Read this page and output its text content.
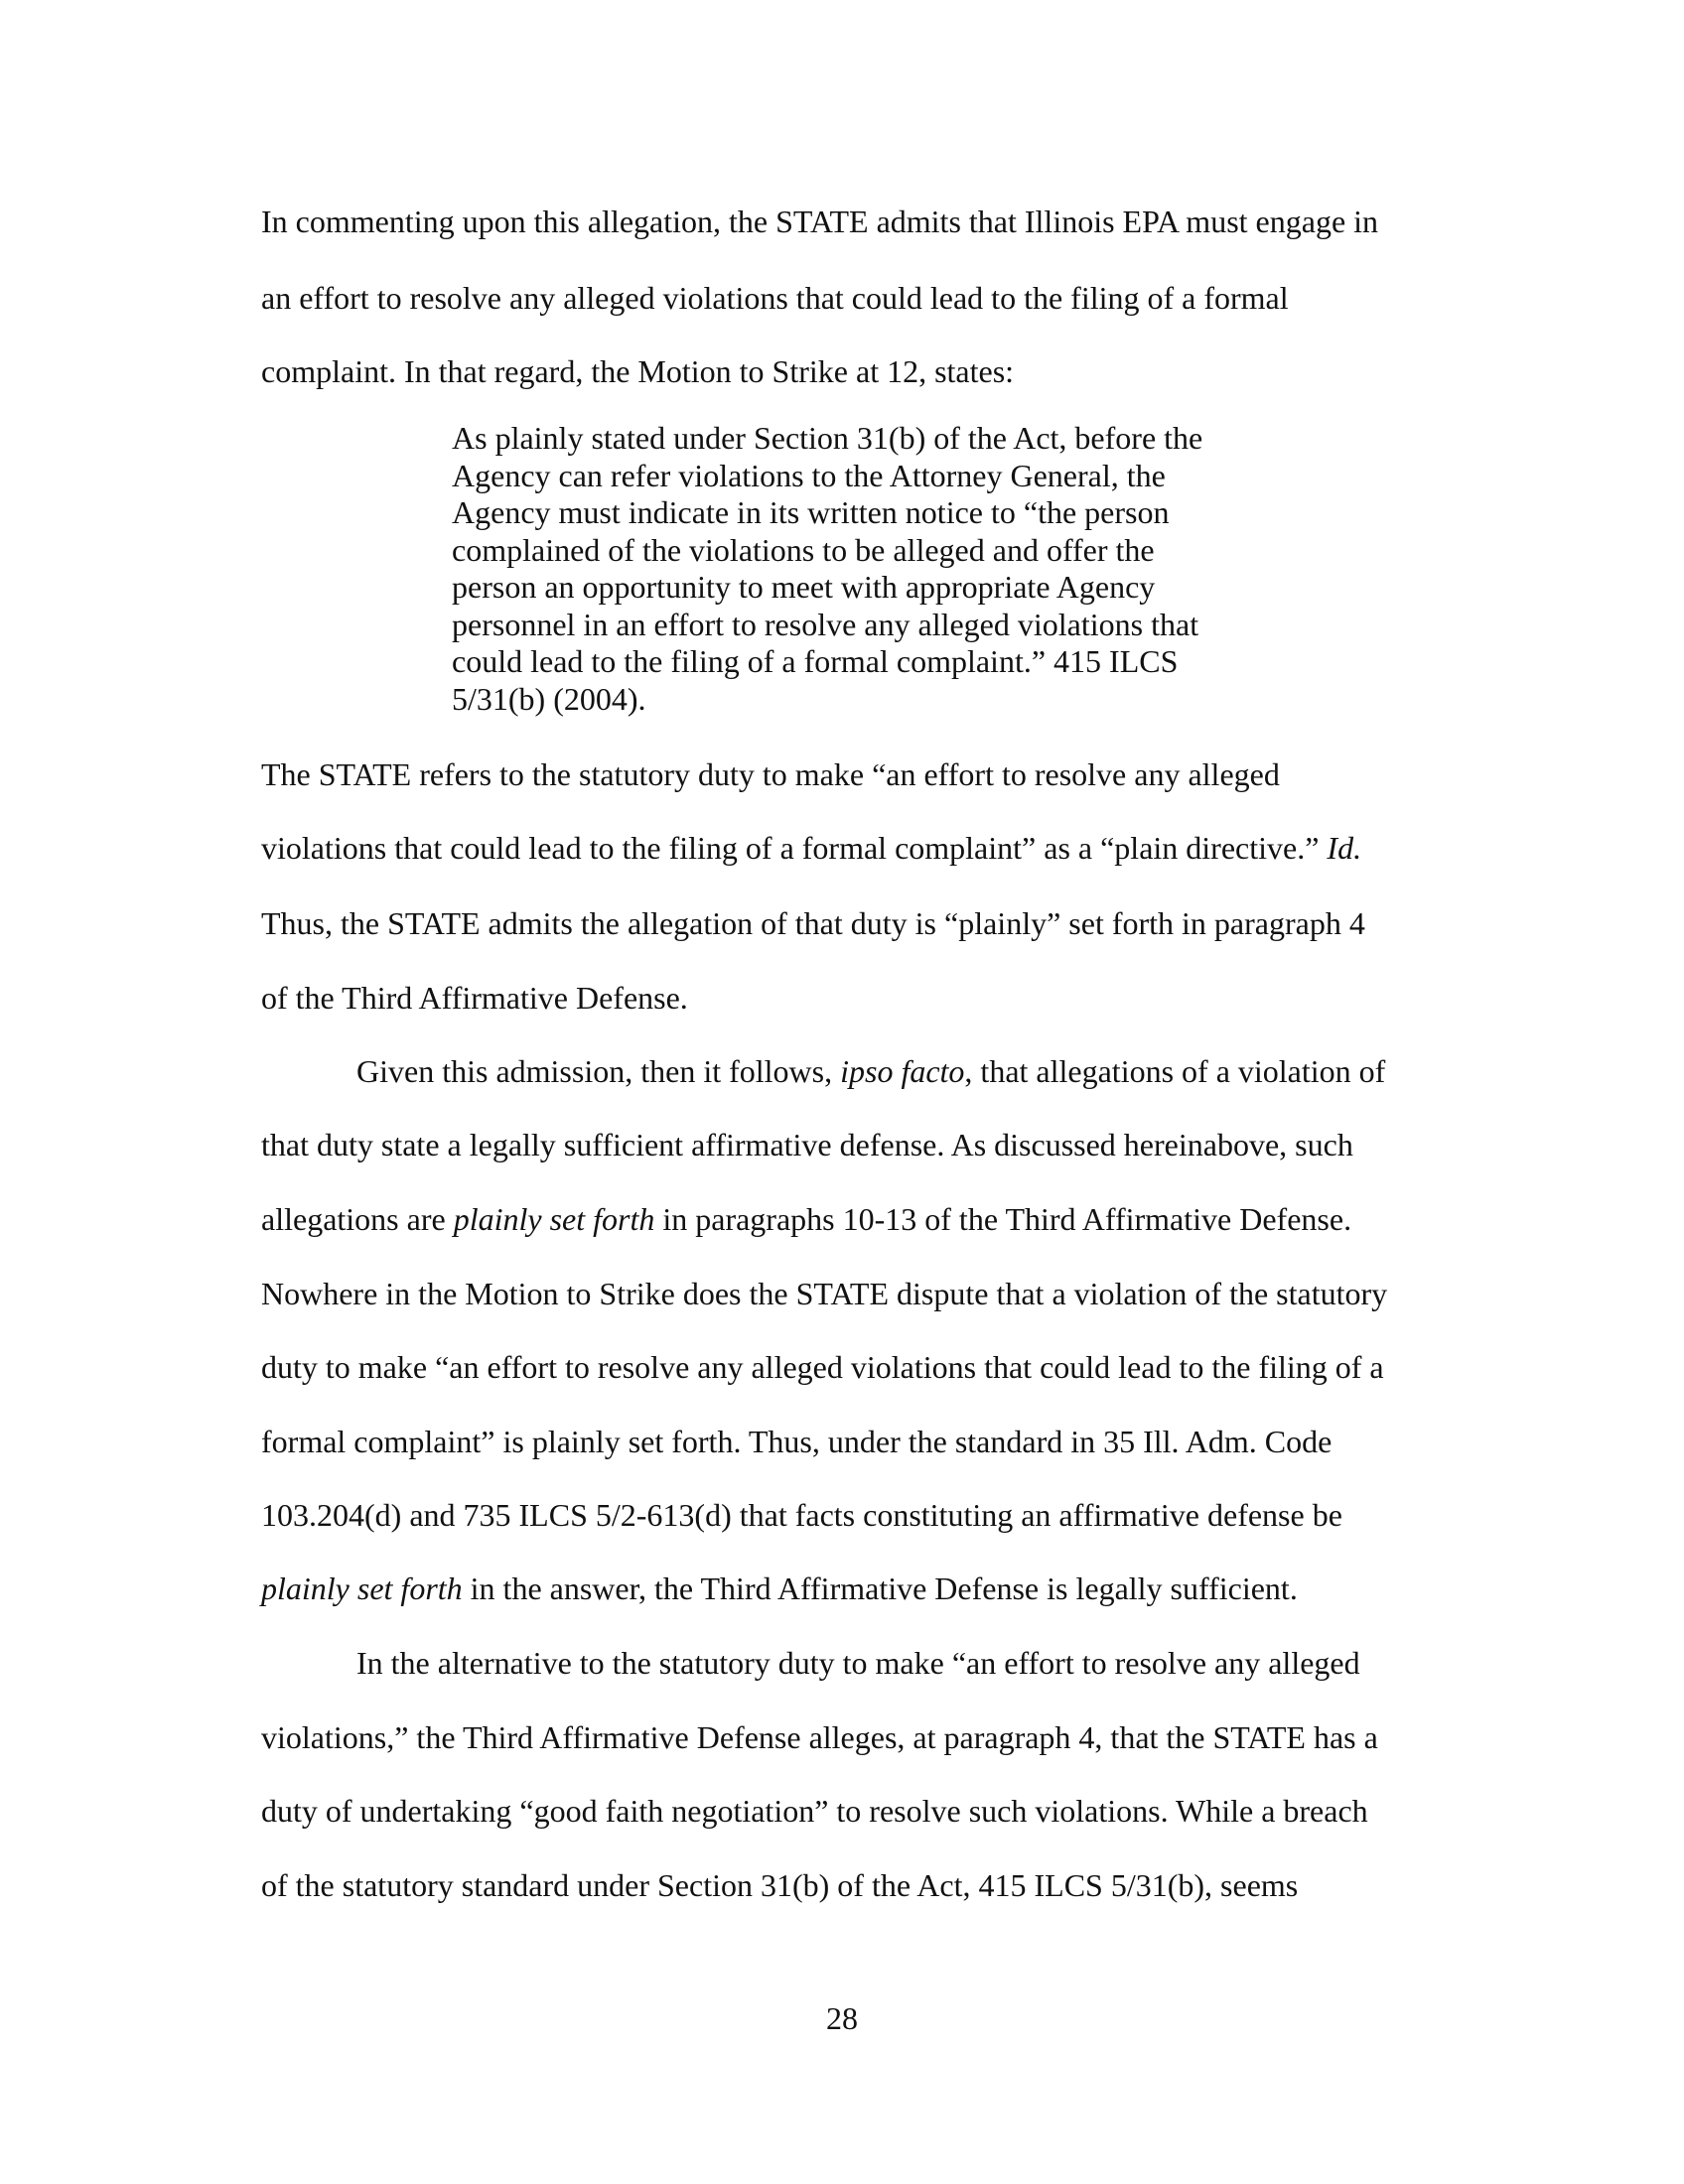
In commenting upon this allegation, the STATE admits that Illinois EPA must engage in

an effort to resolve any alleged violations that could lead to the filing of a formal

complaint. In that regard, the Motion to Strike at 12, states:

As plainly stated under Section 31(b) of the Act, before the
Agency can refer violations to the Attorney General, the
Agency must indicate in its written notice to “the person
complained of the violations to be alleged and offer the
person an opportunity to meet with appropriate Agency
personnel in an effort to resolve any alleged violations that
could lead to the filing of a formal complaint.” 415 ILCS
5/31(b) (2004).

The STATE refers to the statutory duty to make “an effort to resolve any alleged

violations that could lead to the filing of a formal complaint” as a “plain directive.” Id.

Thus, the STATE admits the allegation of that duty is “plainly” set forth in paragraph 4

of the Third Affirmative Defense.

Given this admission, then it follows, ipso facto, that allegations of a violation of

that duty state a legally sufficient affirmative defense. As discussed hereinabove, such

allegations are plainly set forth in paragraphs 10-13 of the Third Affirmative Defense.

Nowhere in the Motion to Strike does the STATE dispute that a violation of the statutory

duty to make “an effort to resolve any alleged violations that could lead to the filing of a

formal complaint” is plainly set forth. Thus, under the standard in 35 Ill. Adm. Code

103.204(d) and 735 ILCS 5/2-613(d) that facts constituting an affirmative defense be

plainly set forth in the answer, the Third Affirmative Defense is legally sufficient.

In the alternative to the statutory duty to make “an effort to resolve any alleged

violations,” the Third Affirmative Defense alleges, at paragraph 4, that the STATE has a

duty of undertaking “good faith negotiation” to resolve such violations. While a breach

of the statutory standard under Section 31(b) of the Act, 415 ILCS 5/31(b), seems

28
